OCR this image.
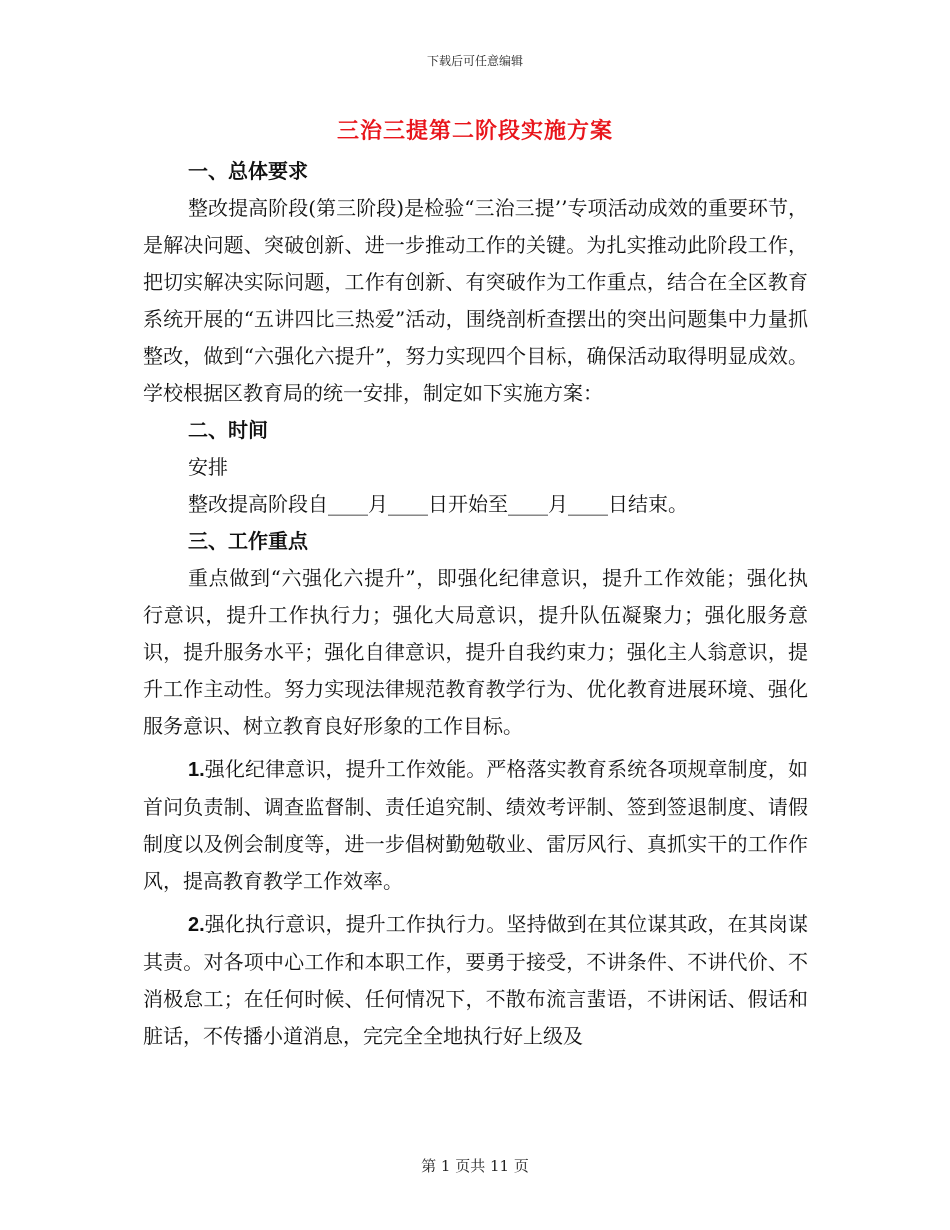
下载后可任意编辑
三治三提第二阶段实施方案
一、总体要求

整改提高阶段(第三阶段)是检验“三治三提’’专项活动成效的重要环节，是解决问题、突破创新、进一步推动工作的关键。为扎实推动此阶段工作，把切实解决实际问题，工作有创新、有突破作为工作重点，结合在全区教育系统开展的“五讲四比三热爱”活动，围绕剖析查摆出的突出问题集中力量抓整改，做到“六强化六提升”，努力实现四个目标，确保活动取得明显成效。学校根据区教育局的统一安排，制定如下实施方案：

二、时间
安排
整改提高阶段自____月____日开始至____月____日结束。
三、工作重点

重点做到“六强化六提升”，即强化纪律意识，提升工作效能；强化执行意识，提升工作执行力；强化大局意识，提升队伍凝聚力；强化服务意识，提升服务水平；强化自律意识，提升自我约束力；强化主人翁意识，提升工作主动性。努力实现法律规范教育教学行为、优化教育进展环境、强化服务意识、树立教育良好形象的工作目标。

1.强化纪律意识，提升工作效能。严格落实教育系统各项规章制度，如首问负责制、调查监督制、责任追究制、绩效考评制、签到签退制度、请假制度以及例会制度等，进一步倡树勤勉敬业、雷厉风行、真抓实干的工作作风，提高教育教学工作效率。

2.强化执行意识，提升工作执行力。坚持做到在其位谋其政，在其岗谋其责。对各项中心工作和本职工作，要勇于接受，不讲条件、不讲代价、不消极怠工；在任何时候、任何情况下，不散布流言蜚语，不讲闲话、假话和脏话，不传播小道消息，完完全全地执行好上级及

第 1 页共 11 页
